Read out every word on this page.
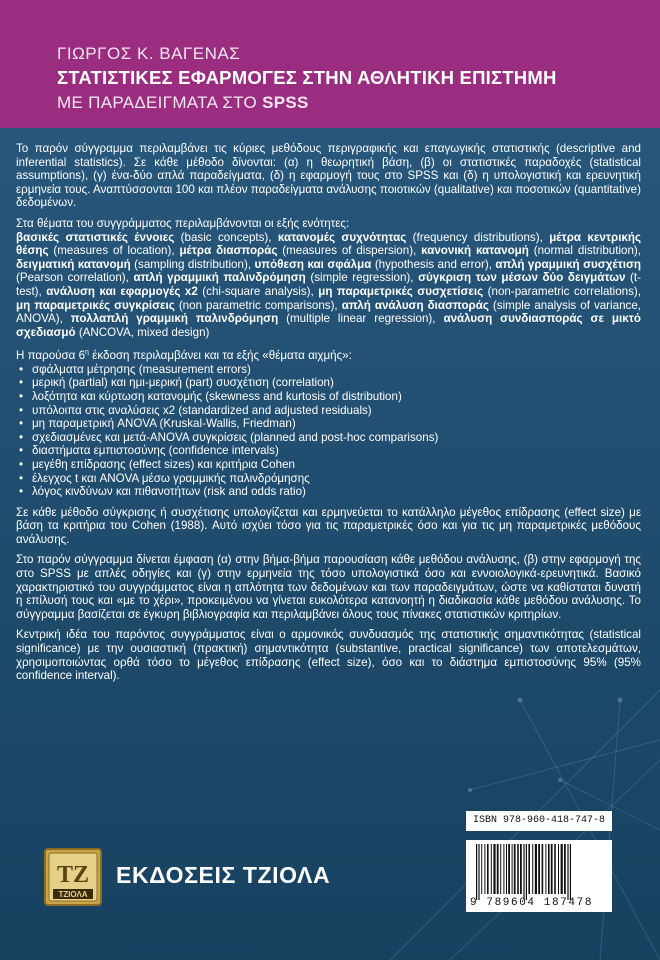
ΓΙΩΡΓΟΣ Κ. ΒΑΓΕΝΑΣ
ΣΤΑΤΙΣΤΙΚΕΣ ΕΦΑΡΜΟΓΕΣ ΣΤΗΝ ΑΘΛΗΤΙΚΗ ΕΠΙΣΤΗΜΗ
ΜΕ ΠΑΡΑΔΕΙΓΜΑΤΑ ΣΤΟ SPSS

Το παρόν σύγγραμμα περιλαμβάνει τις κύριες μεθόδους περιγραφικής και επαγωγικής στατιστικής (descriptive and inferential statistics). Σε κάθε μέθοδο δίνονται: (α) η θεωρητική βάση, (β) οι στατιστικές παραδοχές (statistical assumptions), (γ) ένα-δύο απλά παραδείγματα, (δ) η εφαρμογή τους στο SPSS και (δ) η υπολογιστική και ερευνητική ερμηνεία τους. Αναπτύσσονται 100 και πλέον παραδείγματα ανάλυσης ποιοτικών (qualitative) και ποσοτικών (quantitative) δεδομένων.

Στα θέματα του συγγράμματος περιλαμβάνονται οι εξής ενότητες:
βασικές στατιστικές έννοιες (basic concepts), κατανομές συχνότητας (frequency distributions), μέτρα κεντρικής θέσης (measures of location), μέτρα διασποράς (measures of dispersion), κανονική κατανομή (normal distribution), δειγματική κατανομή (sampling distribution), υπόθεση και σφάλμα (hypothesis and error), απλή γραμμική συσχέτιση (Pearson correlation), απλή γραμμική παλινδρόμηση (simple regression), σύγκριση των μέσων δύο δειγμάτων (t-test), ανάλυση και εφαρμογές x2 (chi-square analysis), μη παραμετρικές συσχετίσεις (non-parametric correlations), μη παραμετρικές συγκρίσεις (non parametric comparisons), απλή ανάλυση διασποράς (simple analysis of variance, ANOVA), πολλαπλή γραμμική παλινδρόμηση (multiple linear regression), ανάλυση συνδιασποράς σε μικτό σχεδιασμό (ANCOVA, mixed design)

Η παρούσα $6^\eta$ έκδοση περιλαμβάνει και τα εξής «θέματα αιχμής»:

• σφάλματα μέτρησης (measurement errors)
• μερική (partial) και ημι-μερική (part) συσχέτιση (correlation)
• λοξότητα και κύρτωση κατανομής (skewness and kurtosis of distribution)
• υπόλοιπα στις αναλύσεις x2 (standardized and adjusted residuals)
• μη παραμετρική ANOVA (Kruskal-Wallis, Friedman)
• σχεδιασμένες και μετά-ANOVA συγκρίσεις (planned and post-hoc comparisons)
• διαστήματα εμπιστοσύνης (confidence intervals)
• μεγέθη επίδρασης (effect sizes) και κριτήρια Cohen
• έλεγχος t και ANOVA μέσω γραμμικής παλινδρόμησης
• λόγος κινδύνων και πιθανοτήτων (risk and odds ratio)

Σε κάθε μέθοδο σύγκρισης ή συσχέτισης υπολογίζεται και ερμηνεύεται το κατάλληλο μέγεθος επίδρασης (effect size) με βάση τα κριτήρια του Cohen (1988). Αυτό ισχύει τόσο για τις παραμετρικές όσο και για τις μη παραμετρικές μεθόδους ανάλυσης.

Στο παρόν σύγγραμμα δίνεται έμφαση (α) στην βήμα-βήμα παρουσίαση κάθε μεθόδου ανάλυσης, (β) στην εφαρμογή της στο SPSS με απλές οδηγίες και (γ) στην ερμηνεία της τόσο υπολογιστικά όσο και εννοιολογικά-ερευνητικά. Βασικό χαρακτηριστικό του συγγράμματος είναι η απλότητα των δεδομένων και των παραδειγμάτων, ώστε να καθίσταται δυνατή η επίλυσή τους και «με το χέρι», προκειμένου να γίνεται ευκολότερα κατανοητή η διαδικασία κάθε μεθόδου ανάλυσης. Το σύγγραμμα βασίζεται σε έγκυρη βιβλιογραφία και περιλαμβάνει όλους τους πίνακες στατιστικών κριτηρίων.

Κεντρική ιδέα του παρόντος συγγράμματος είναι ο αρμονικός συνδυασμός της στατιστικής σημαντικότητας (statistical significance) με την ουσιαστική (πρακτική) σημαντικότητα (substantive, practical significance) των αποτελεσμάτων, χρησιμοποιώντας ορθά τόσο το μέγεθος επίδρασης (effect size), όσο και το διάστημα εμπιστοσύνης 95% (95% confidence interval).

ISBN 978-960-418-747-8
9 789604 187478
ΤΖ
ΤΖΙΟΛΑ
ΕΚΔΟΣΕΙΣ ΤΖΙΟΛΑ
